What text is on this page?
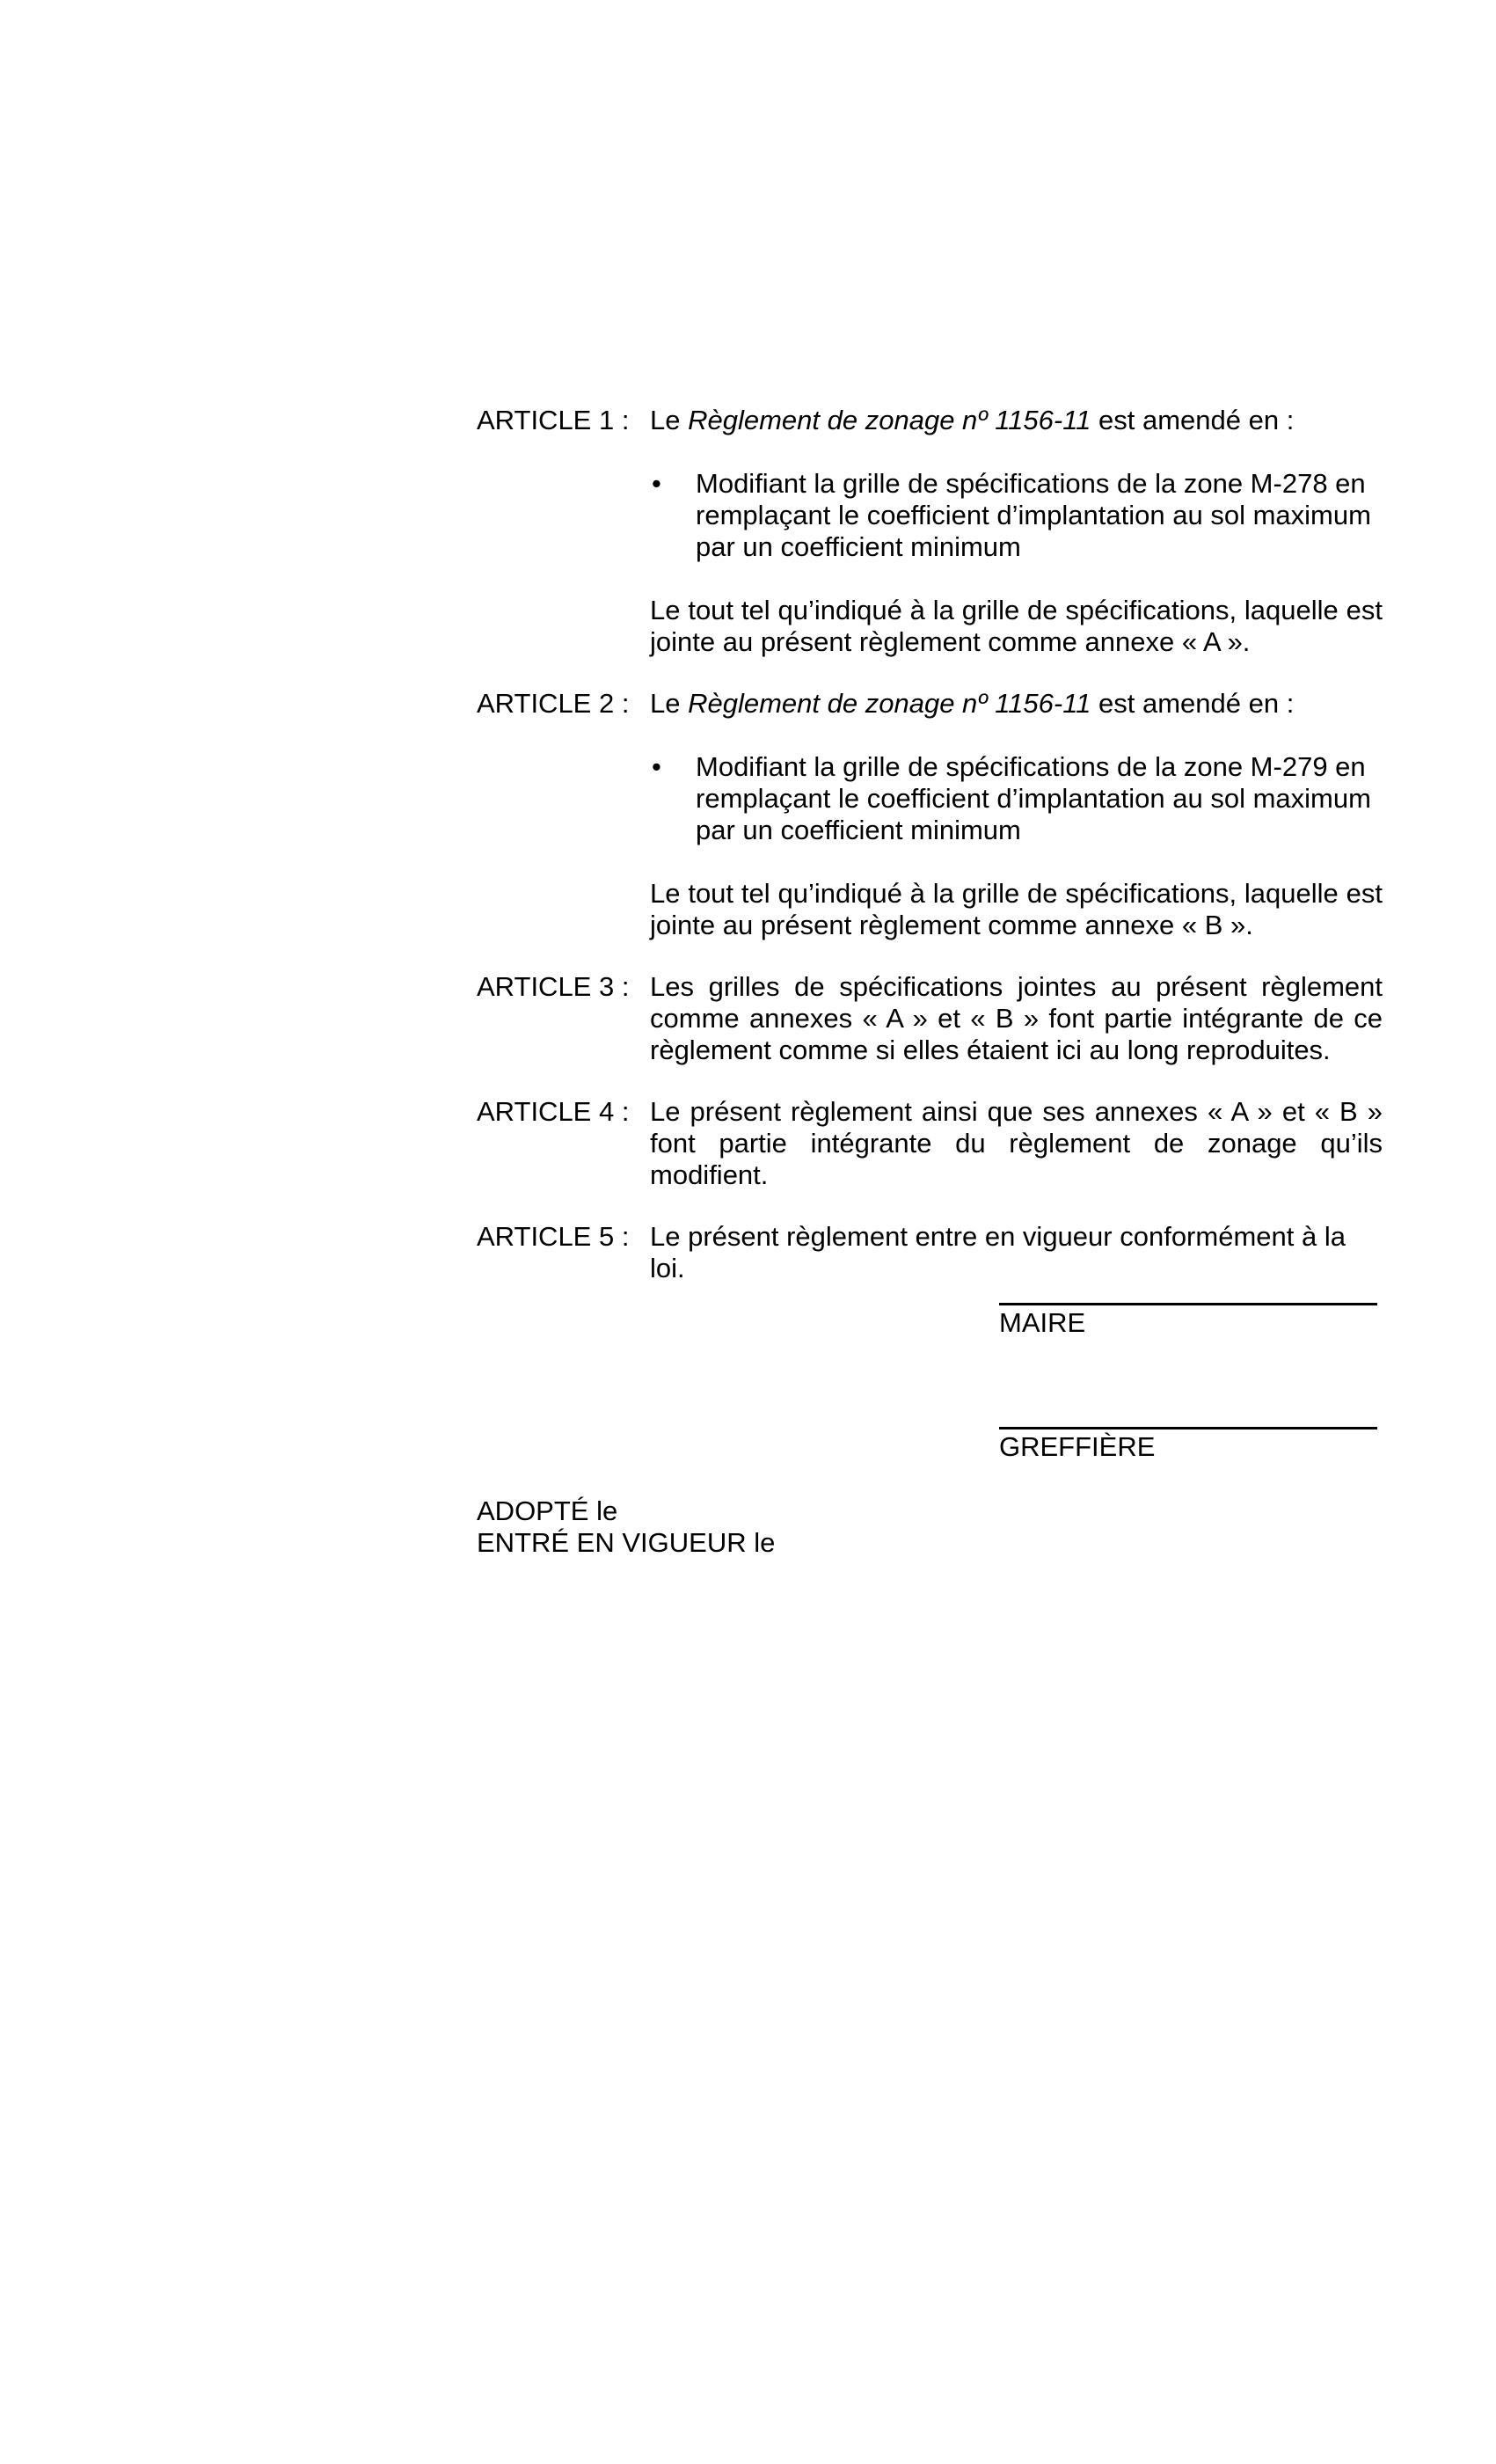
ARTICLE 1 : Le Règlement de zonage nº 1156-11 est amendé en :
•	Modifiant la grille de spécifications de la zone M-278 en remplaçant le coefficient d’implantation au sol maximum par un coefficient minimum
Le tout tel qu’indiqué à la grille de spécifications, laquelle est jointe au présent règlement comme annexe « A ».
ARTICLE 2 : Le Règlement de zonage nº 1156-11 est amendé en :
•	Modifiant la grille de spécifications de la zone M-279 en remplaçant le coefficient d’implantation au sol maximum par un coefficient minimum
Le tout tel qu’indiqué à la grille de spécifications, laquelle est jointe au présent règlement comme annexe « B ».
ARTICLE 3 : Les grilles de spécifications jointes au présent règlement comme annexes « A » et « B » font partie intégrante de ce règlement comme si elles étaient ici au long reproduites.
ARTICLE 4 : Le présent règlement ainsi que ses annexes « A » et « B » font partie intégrante du règlement de zonage qu’ils modifient.
ARTICLE 5 : Le présent règlement entre en vigueur conformément à la loi.
MAIRE
GREFFIÈRE
ADOPTÉ le
ENTRÉ EN VIGUEUR le
